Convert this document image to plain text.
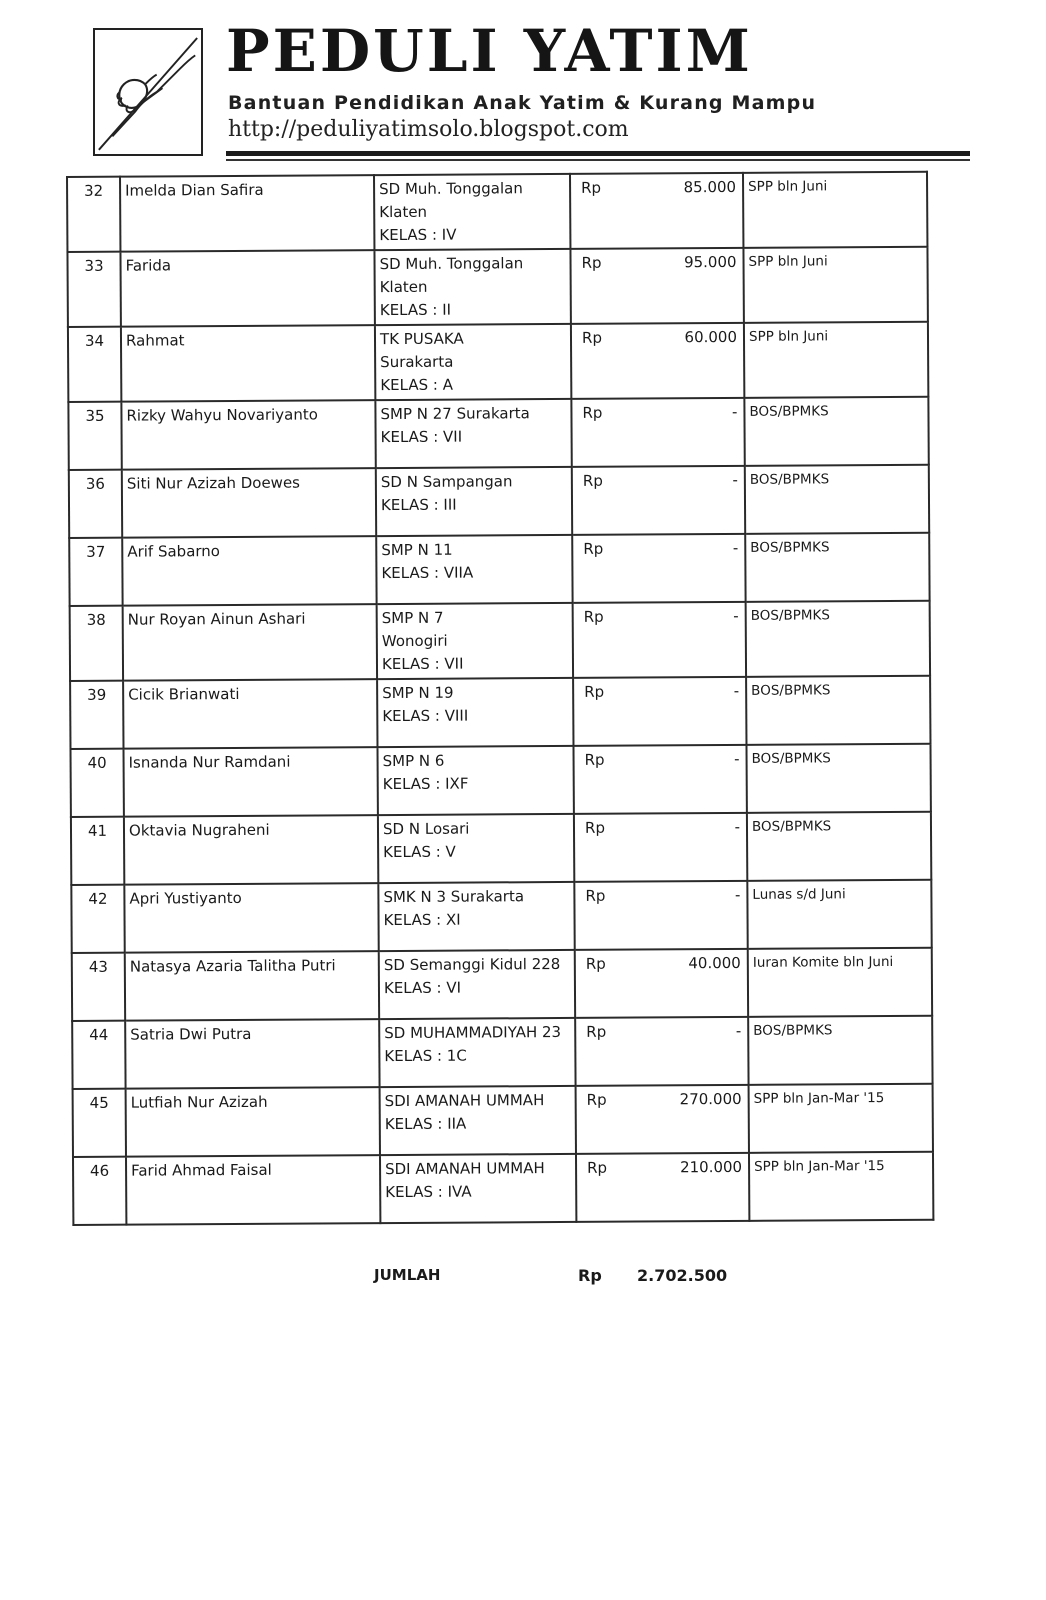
PEDULI YATIM
Bantuan Pendidikan Anak Yatim & Kurang Mampu
http://peduliyatimsolo.blogspot.com
32	Imelda Dian Safira	SD Muh. Tonggalan
Klaten
KELAS : IV	Rp 85.000	SPP bln Juni
33	Farida	SD Muh. Tonggalan
Klaten
KELAS : II	Rp 95.000	SPP bln Juni
34	Rahmat	TK PUSAKA
Surakarta
KELAS : A	Rp 60.000	SPP bln Juni
35	Rizky Wahyu Novariyanto	SMP N 27 Surakarta
KELAS : VII	Rp -	BOS/BPMKS
36	Siti Nur Azizah Doewes	SD N Sampangan
KELAS : III	Rp -	BOS/BPMKS
37	Arif Sabarno	SMP N 11
KELAS : VIIA	Rp -	BOS/BPMKS
38	Nur Royan Ainun Ashari	SMP N 7
Wonogiri
KELAS : VII	Rp -	BOS/BPMKS
39	Cicik Brianwati	SMP N 19
KELAS : VIII	Rp -	BOS/BPMKS
40	Isnanda Nur Ramdani	SMP N 6
KELAS : IXF	Rp -	BOS/BPMKS
41	Oktavia Nugraheni	SD N Losari
KELAS : V	Rp -	BOS/BPMKS
42	Apri Yustiyanto	SMK N 3 Surakarta
KELAS : XI	Rp -	Lunas s/d Juni
43	Natasya Azaria Talitha Putri	SD Semanggi Kidul 228
KELAS : VI	Rp 40.000	Iuran Komite bln Juni
44	Satria Dwi Putra	SD MUHAMMADIYAH 23
KELAS : 1C	Rp -	BOS/BPMKS
45	Lutfiah Nur Azizah	SDI AMANAH UMMAH
KELAS : IIA	Rp 270.000	SPP bln Jan-Mar '15
46	Farid Ahmad Faisal	SDI AMANAH UMMAH
KELAS : IVA	Rp 210.000	SPP bln Jan-Mar '15
JUMLAH	Rp 2.702.500
